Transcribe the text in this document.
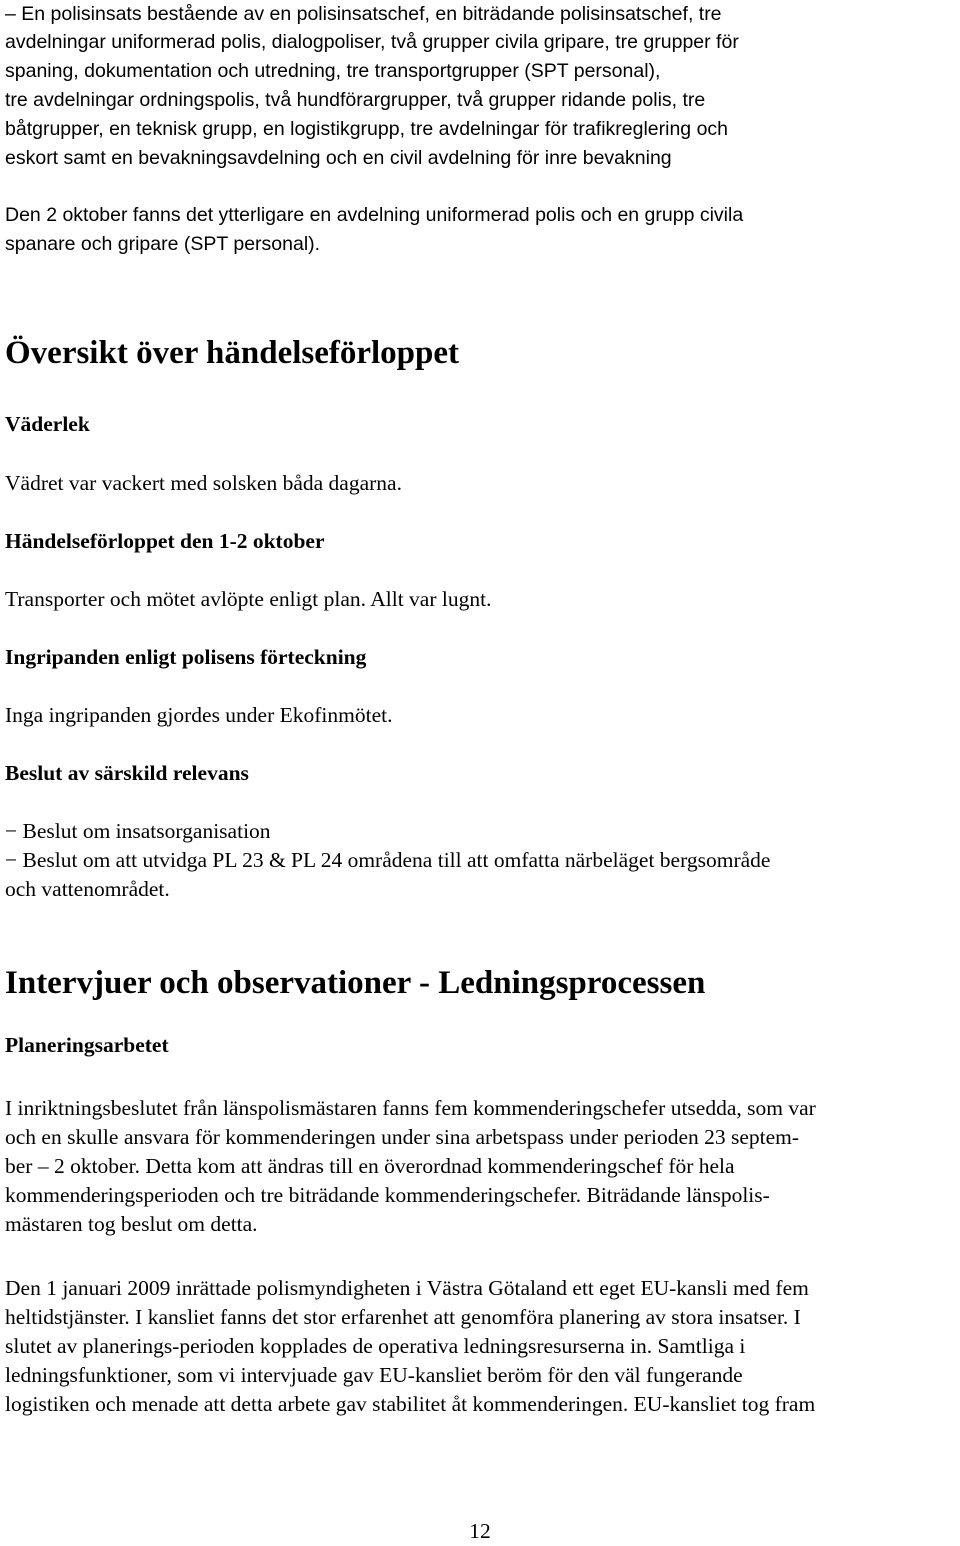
– En polisinsats bestående av en polisinsatschef, en biträdande polisinsatschef, tre
avdelningar uniformerad polis, dialogpoliser, två grupper civila gripare, tre grupper för
spaning, dokumentation och utredning, tre transportgrupper (SPT personal),
tre avdelningar ordningspolis, två hundförargrupper, två grupper ridande polis, tre
båtgrupper, en teknisk grupp, en logistikgrupp, tre avdelningar för trafikreglering och
eskort samt en bevakningsavdelning och en civil avdelning för inre bevakning
Den 2 oktober fanns det ytterligare en avdelning uniformerad polis och en grupp civila
spanare och gripare (SPT personal).
Översikt över händelseförloppet
Väderlek
Vädret var vackert med solsken båda dagarna.
Händelseförloppet den 1-2 oktober
Transporter och mötet avlöpte enligt plan. Allt var lugnt.
Ingripanden enligt polisens förteckning
Inga ingripanden gjordes under Ekofinmötet.
Beslut av särskild relevans
− Beslut om insatsorganisation
− Beslut om att utvidga PL 23 & PL 24 områdena till att omfatta närbeläget bergsområde
och vattenområdet.
Intervjuer och observationer - Ledningsprocessen
Planeringsarbetet
I inriktningsbeslutet från länspolismästaren fanns fem kommenderingschefer utsedda, som var
och en skulle ansvara för kommenderingen under sina arbetspass under perioden 23 septem-
ber – 2 oktober. Detta kom att ändras till en överordnad kommenderingschef för hela
kommenderingsperioden och tre biträdande kommenderingschefer. Biträdande länspolis-
mästaren tog beslut om detta.
Den 1 januari 2009 inrättade polismyndigheten i Västra Götaland ett eget EU-kansli med fem
heltidstjänster. I kansliet fanns det stor erfarenhet att genomföra planering av stora insatser. I
slutet av planerings-perioden kopplades de operativa ledningsresurserna in. Samtliga i
ledningsfunktioner, som vi intervjuade gav EU-kansliet beröm för den väl fungerande
logistiken och menade att detta arbete gav stabilitet åt kommenderingen. EU-kansliet tog fram
12
